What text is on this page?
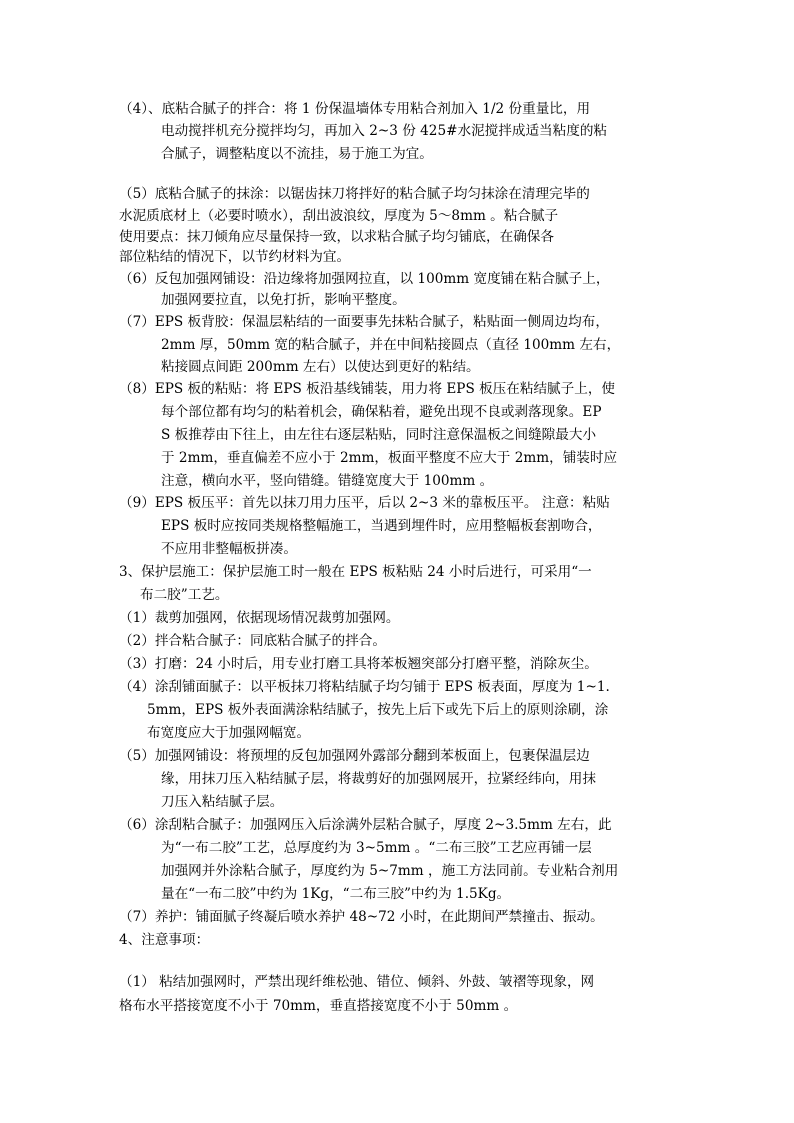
（4）、底粘合腻子的拌合：将 1 份保温墙体专用粘合剂加入 1/2 份重量比，用
电动搅拌机充分搅拌均匀，再加入 2~3 份 425#水泥搅拌成适当粘度的粘
合腻子，调整粘度以不流挂，易于施工为宜。
（5）底粘合腻子的抹涂：以锯齿抹刀将拌好的粘合腻子均匀抹涂在清理完毕的
水泥质底材上（必要时喷水），刮出波浪纹，厚度为 5～8mm 。粘合腻子
使用要点：抹刀倾角应尽量保持一致，以求粘合腻子均匀铺底，在确保各
部位粘结的情况下，以节约材料为宜。
（6）反包加强网铺设：沿边缘将加强网拉直，以 100mm 宽度铺在粘合腻子上，
加强网要拉直，以免打折，影响平整度。
（7）EPS 板背胶：保温层粘结的一面要事先抹粘合腻子，粘贴面一侧周边均布，
2mm 厚，50mm 宽的粘合腻子，并在中间粘接圆点（直径 100mm 左右，
粘接圆点间距 200mm 左右）以使达到更好的粘结。
（8）EPS 板的粘贴：将 EPS 板沿基线铺装，用力将 EPS 板压在粘结腻子上，使
每个部位都有均匀的粘着机会，确保粘着，避免出现不良或剥落现象。EP
S 板推荐由下往上，由左往右逐层粘贴，同时注意保温板之间缝隙最大小
于 2mm，垂直偏差不应小于 2mm，板面平整度不应大于 2mm，铺装时应
注意，横向水平，竖向错缝。错缝宽度大于 100mm 。
（9）EPS 板压平：首先以抹刀用力压平，后以 2~3 米的靠板压平。 注意：粘贴
EPS 板时应按同类规格整幅施工，当遇到埋件时，应用整幅板套割吻合，
不应用非整幅板拼凑。
3、保护层施工：保护层施工时一般在 EPS 板粘贴 24 小时后进行，可采用“一
布二胶”工艺。
（1）裁剪加强网，依据现场情况裁剪加强网。
（2）拌合粘合腻子：同底粘合腻子的拌合。
（3）打磨：24 小时后，用专业打磨工具将苯板翘突部分打磨平整，消除灰尘。
（4）涂刮铺面腻子：以平板抹刀将粘结腻子均匀铺于 EPS 板表面，厚度为 1~1.
5mm，EPS 板外表面满涂粘结腻子，按先上后下或先下后上的原则涂刷，涂
布宽度应大于加强网幅宽。
（5）加强网铺设：将预埋的反包加强网外露部分翻到苯板面上，包裹保温层边
缘，用抹刀压入粘结腻子层，将裁剪好的加强网展开，拉紧经纬向，用抹
刀压入粘结腻子层。
（6）涂刮粘合腻子：加强网压入后涂满外层粘合腻子，厚度 2~3.5mm 左右，此
为“一布二胶”工艺，总厚度约为 3~5mm 。“二布三胶”工艺应再铺一层
加强网并外涂粘合腻子，厚度约为 5~7mm ，施工方法同前。专业粘合剂用
量在“一布二胶”中约为 1Kg，“二布三胶”中约为 1.5Kg。
（7）养护：铺面腻子终凝后喷水养护 48~72 小时，在此期间严禁撞击、振动。
4、注意事项：
（1） 粘结加强网时，严禁出现纤维松弛、错位、倾斜、外鼓、皱褶等现象，网
格布水平搭接宽度不小于 70mm，垂直搭接宽度不小于 50mm 。
